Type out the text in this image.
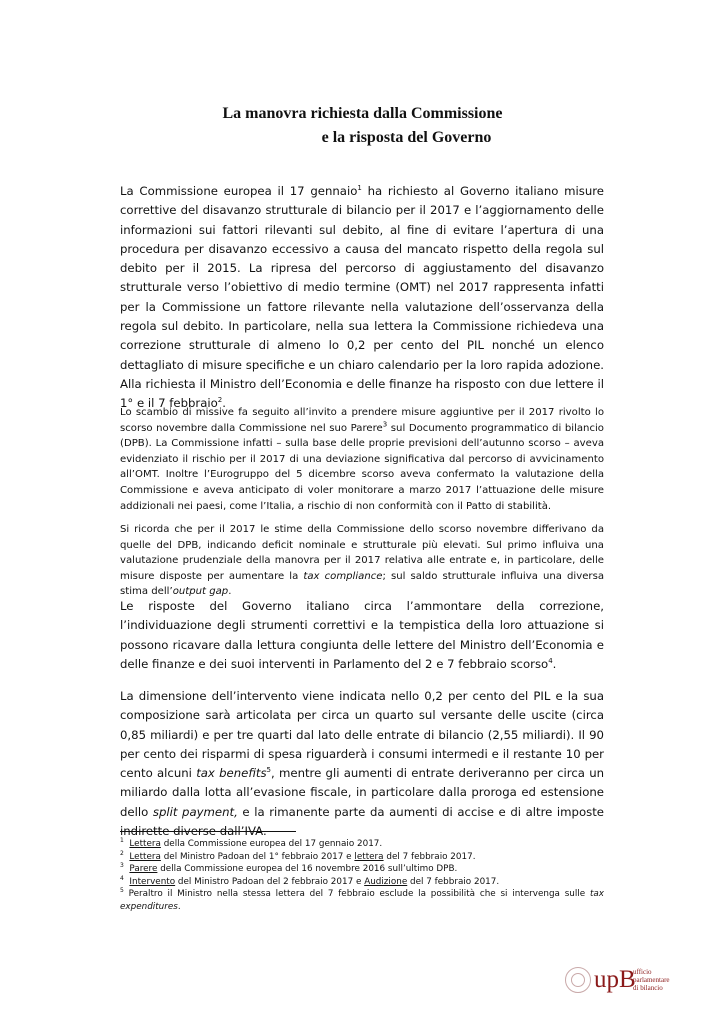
La manovra richiesta dalla Commissione
e la risposta del Governo
La Commissione europea il 17 gennaio$^1$ ha richiesto al Governo italiano misure correttive del disavanzo strutturale di bilancio per il 2017 e l’aggiornamento delle informazioni sui fattori rilevanti sul debito, al fine di evitare l’apertura di una procedura per disavanzo eccessivo a causa del mancato rispetto della regola sul debito per il 2015. La ripresa del percorso di aggiustamento del disavanzo strutturale verso l’obiettivo di medio termine (OMT) nel 2017 rappresenta infatti per la Commissione un fattore rilevante nella valutazione dell’osservanza della regola sul debito. In particolare, nella sua lettera la Commissione richiedeva una correzione strutturale di almeno lo 0,2 per cento del PIL nonché un elenco dettagliato di misure specifiche e un chiaro calendario per la loro rapida adozione. Alla richiesta il Ministro dell’Economia e delle finanze ha risposto con due lettere il 1° e il 7 febbraio$^2$.
Lo scambio di missive fa seguito all’invito a prendere misure aggiuntive per il 2017 rivolto lo scorso novembre dalla Commissione nel suo Parere$^3$ sul Documento programmatico di bilancio (DPB). La Commissione infatti – sulla base delle proprie previsioni dell’autunno scorso – aveva evidenziato il rischio per il 2017 di una deviazione significativa dal percorso di avvicinamento all’OMT. Inoltre l’Eurogruppo del 5 dicembre scorso aveva confermato la valutazione della Commissione e aveva anticipato di voler monitorare a marzo 2017 l’attuazione delle misure addizionali nei paesi, come l’Italia, a rischio di non conformità con il Patto di stabilità.
Si ricorda che per il 2017 le stime della Commissione dello scorso novembre differivano da quelle del DPB, indicando deficit nominale e strutturale più elevati. Sul primo influiva una valutazione prudenziale della manovra per il 2017 relativa alle entrate e, in particolare, delle misure disposte per aumentare la tax compliance; sul saldo strutturale influiva una diversa stima dell’output gap.
Le risposte del Governo italiano circa l’ammontare della correzione, l’individuazione degli strumenti correttivi e la tempistica della loro attuazione si possono ricavare dalla lettura congiunta delle lettere del Ministro dell’Economia e delle finanze e dei suoi interventi in Parlamento del 2 e 7 febbraio scorso$^4$.
La dimensione dell’intervento viene indicata nello 0,2 per cento del PIL e la sua composizione sarà articolata per circa un quarto sul versante delle uscite (circa 0,85 miliardi) e per tre quarti dal lato delle entrate di bilancio (2,55 miliardi). Il 90 per cento dei risparmi di spesa riguarderà i consumi intermedi e il restante 10 per cento alcuni tax benefits$^5$, mentre gli aumenti di entrate deriveranno per circa un miliardo dalla lotta all’evasione fiscale, in particolare dalla proroga ed estensione dello split payment, e la rimanente parte da aumenti di accise e di altre imposte indirette diverse dall’IVA.
$^1$ Lettera della Commissione europea del 17 gennaio 2017.
$^2$ Lettera del Ministro Padoan del 1° febbraio 2017 e lettera del 7 febbraio 2017.
$^3$ Parere della Commissione europea del 16 novembre 2016 sull’ultimo DPB.
$^4$ Intervento del Ministro Padoan del 2 febbraio 2017 e Audizione del 7 febbraio 2017.
$^5$ Peraltro il Ministro nella stessa lettera del 7 febbraio esclude la possibilità che si intervenga sulle tax expenditures.
upB
ufficio
parlamentare
di bilancio
